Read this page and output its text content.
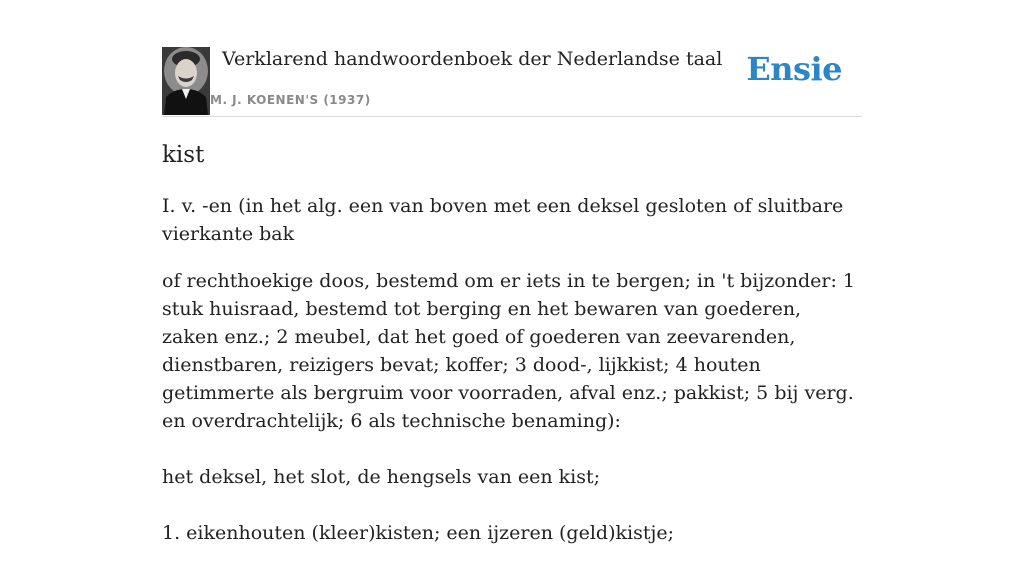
Verklarend handwoordenboek der Nederlandse taal
M. J. KOENEN'S (1937)
Ensie
kist

I. v. -en (in het alg. een van boven met een deksel gesloten of sluitbare vierkante bak

of rechthoekige doos, bestemd om er iets in te bergen; in 't bijzonder: 1 stuk huisraad, bestemd tot berging en het bewaren van goederen, zaken enz.; 2 meubel, dat het goed of goederen van zeevarenden, dienstbaren, reizigers bevat; koffer; 3 dood-, lijkkist; 4 houten getimmerte als bergruim voor voorraden, afval enz.; pakkist; 5 bij verg. en overdrachtelijk; 6 als technische benaming):

het deksel, het slot, de hengsels van een kist;

1. eikenhouten (kleer)kisten; een ijzeren (geld)kistje;
